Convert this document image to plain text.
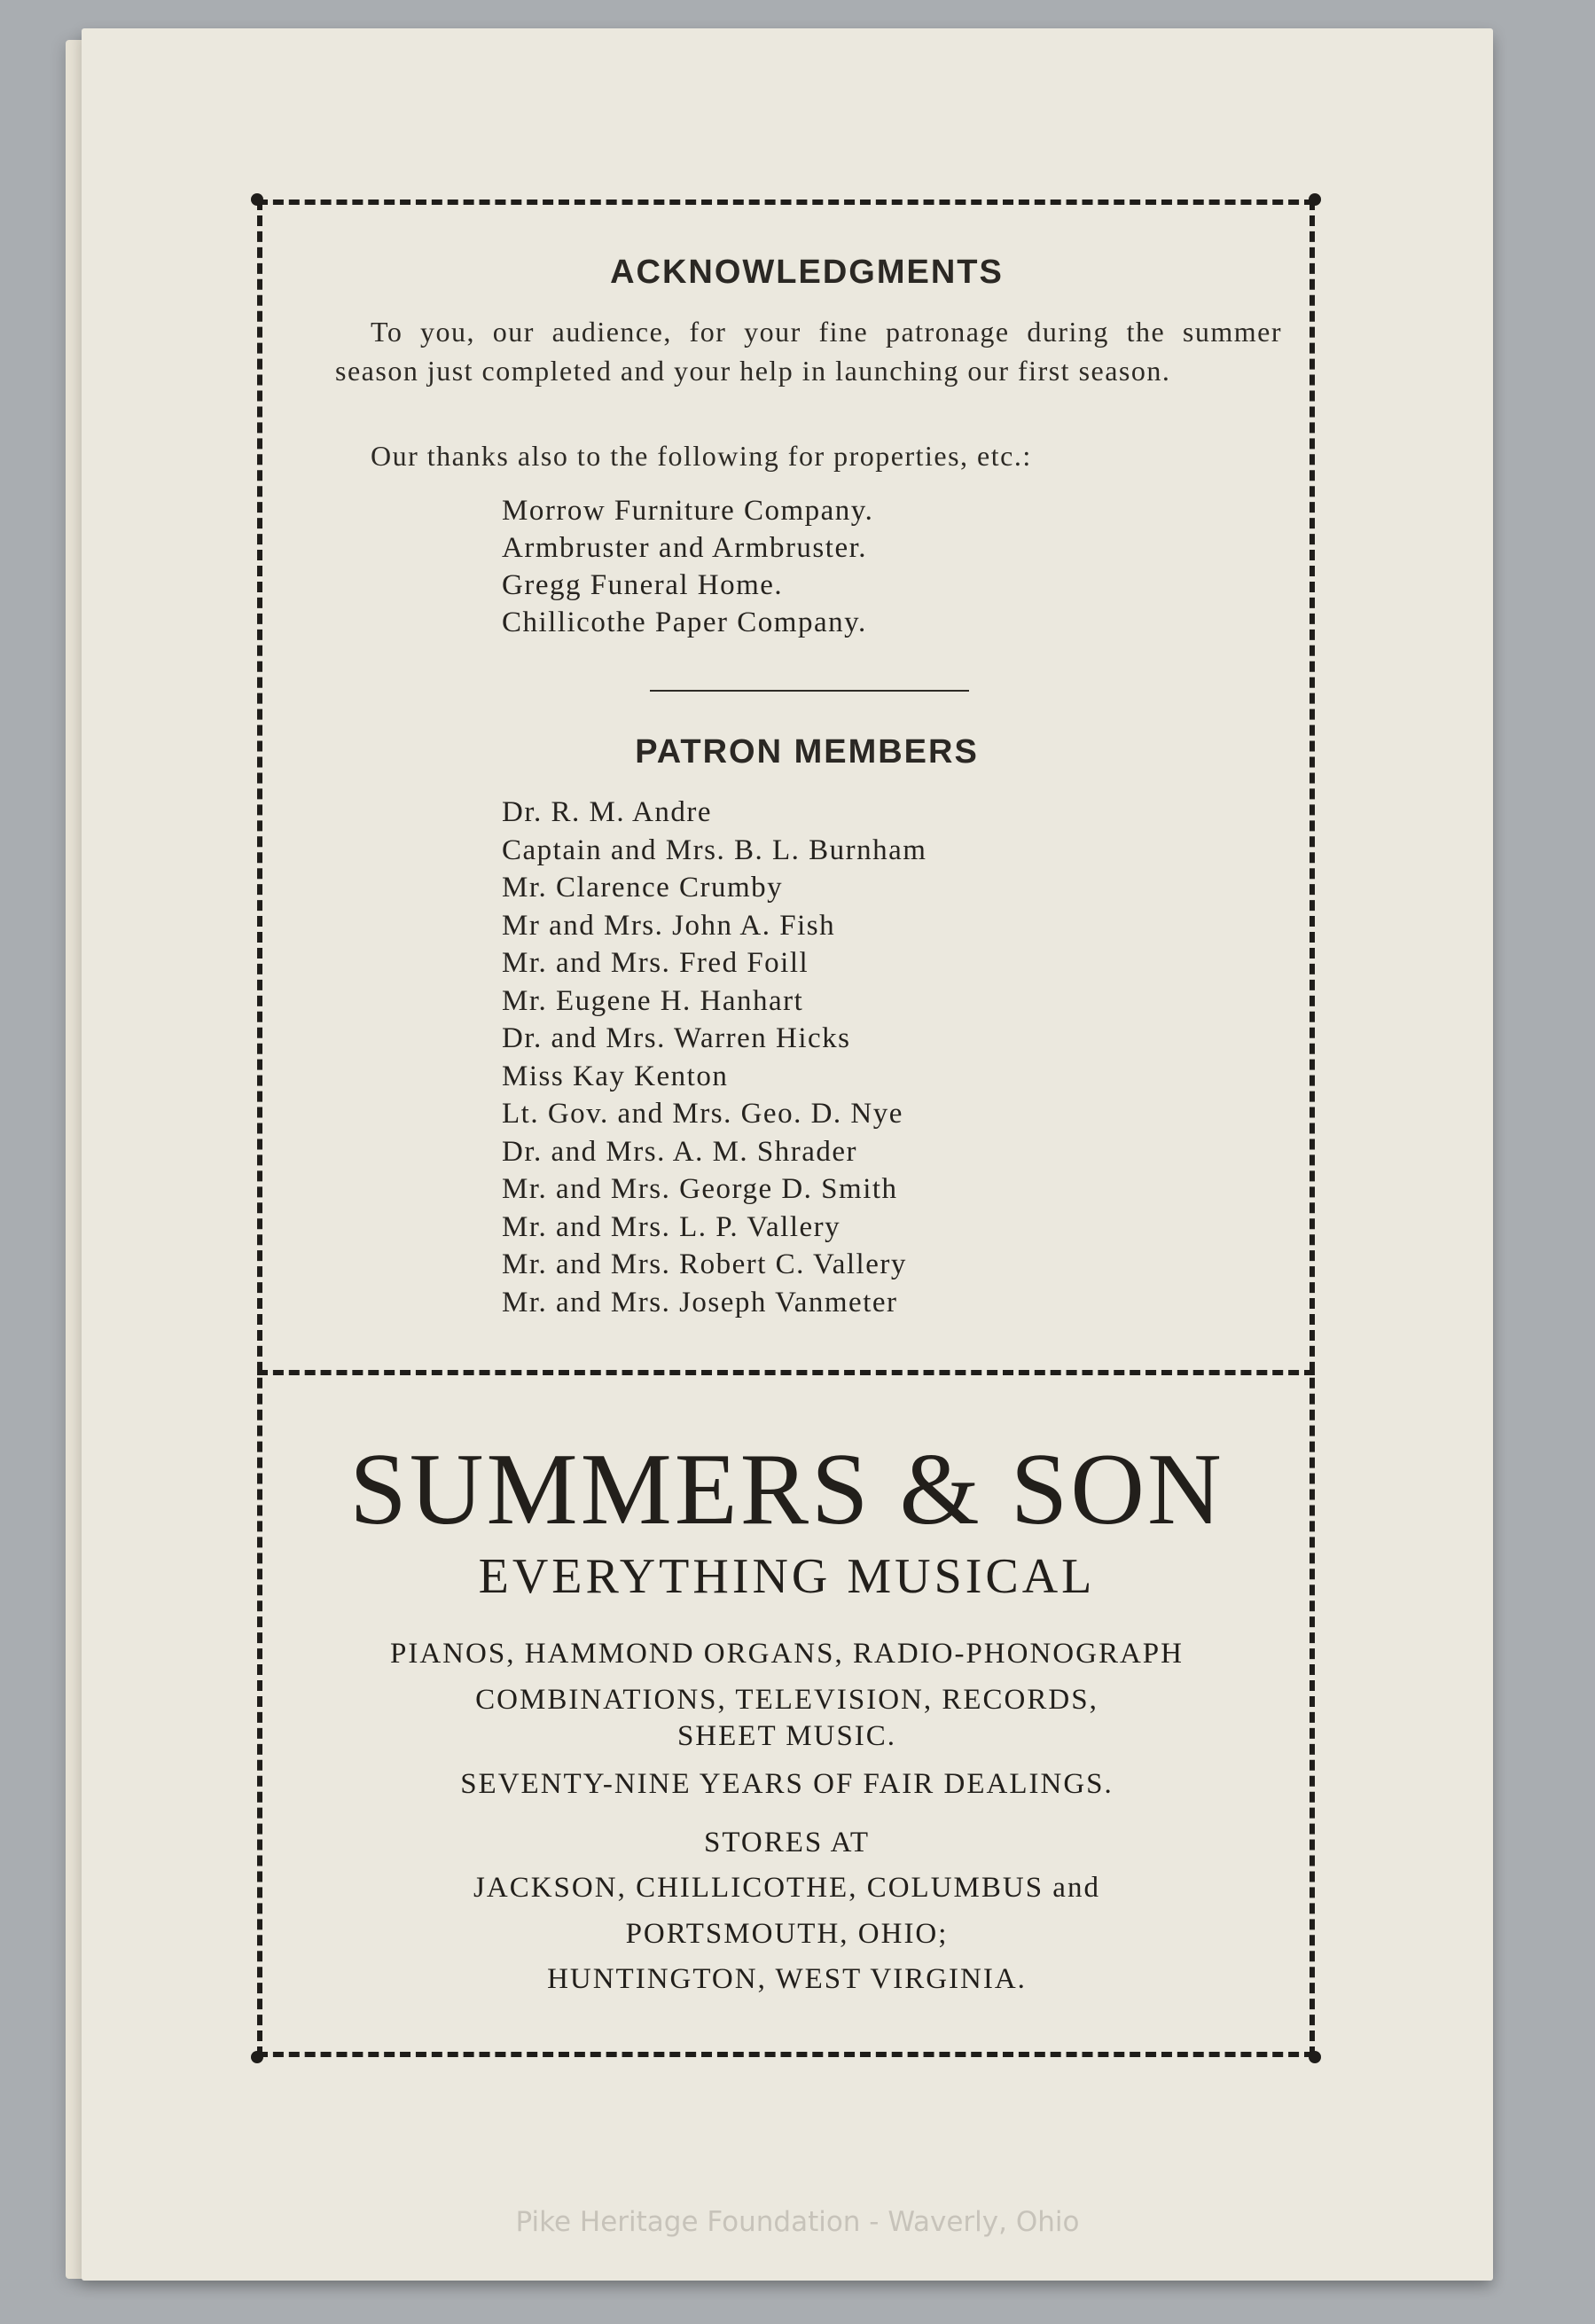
ACKNOWLEDGMENTS
To you, our audience, for your fine patronage during the summer season just completed and your help in launching our first season.
Our thanks also to the following for properties, etc.:
Morrow Furniture Company.
Armbruster and Armbruster.
Gregg Funeral Home.
Chillicothe Paper Company.
PATRON MEMBERS
Dr. R. M. Andre
Captain and Mrs. B. L. Burnham
Mr. Clarence Crumby
Mr and Mrs. John A. Fish
Mr. and Mrs. Fred Foill
Mr. Eugene H. Hanhart
Dr. and Mrs. Warren Hicks
Miss Kay Kenton
Lt. Gov. and Mrs. Geo. D. Nye
Dr. and Mrs. A. M. Shrader
Mr. and Mrs. George D. Smith
Mr. and Mrs. L. P. Vallery
Mr. and Mrs. Robert C. Vallery
Mr. and Mrs. Joseph Vanmeter
SUMMERS & SON
EVERYTHING MUSICAL
PIANOS, HAMMOND ORGANS, RADIO-PHONOGRAPH
COMBINATIONS, TELEVISION, RECORDS,
SHEET MUSIC.
SEVENTY-NINE YEARS OF FAIR DEALINGS.
STORES AT
JACKSON, CHILLICOTHE, COLUMBUS and
PORTSMOUTH, OHIO;
HUNTINGTON, WEST VIRGINIA.
Pike Heritage Foundation - Waverly, Ohio
